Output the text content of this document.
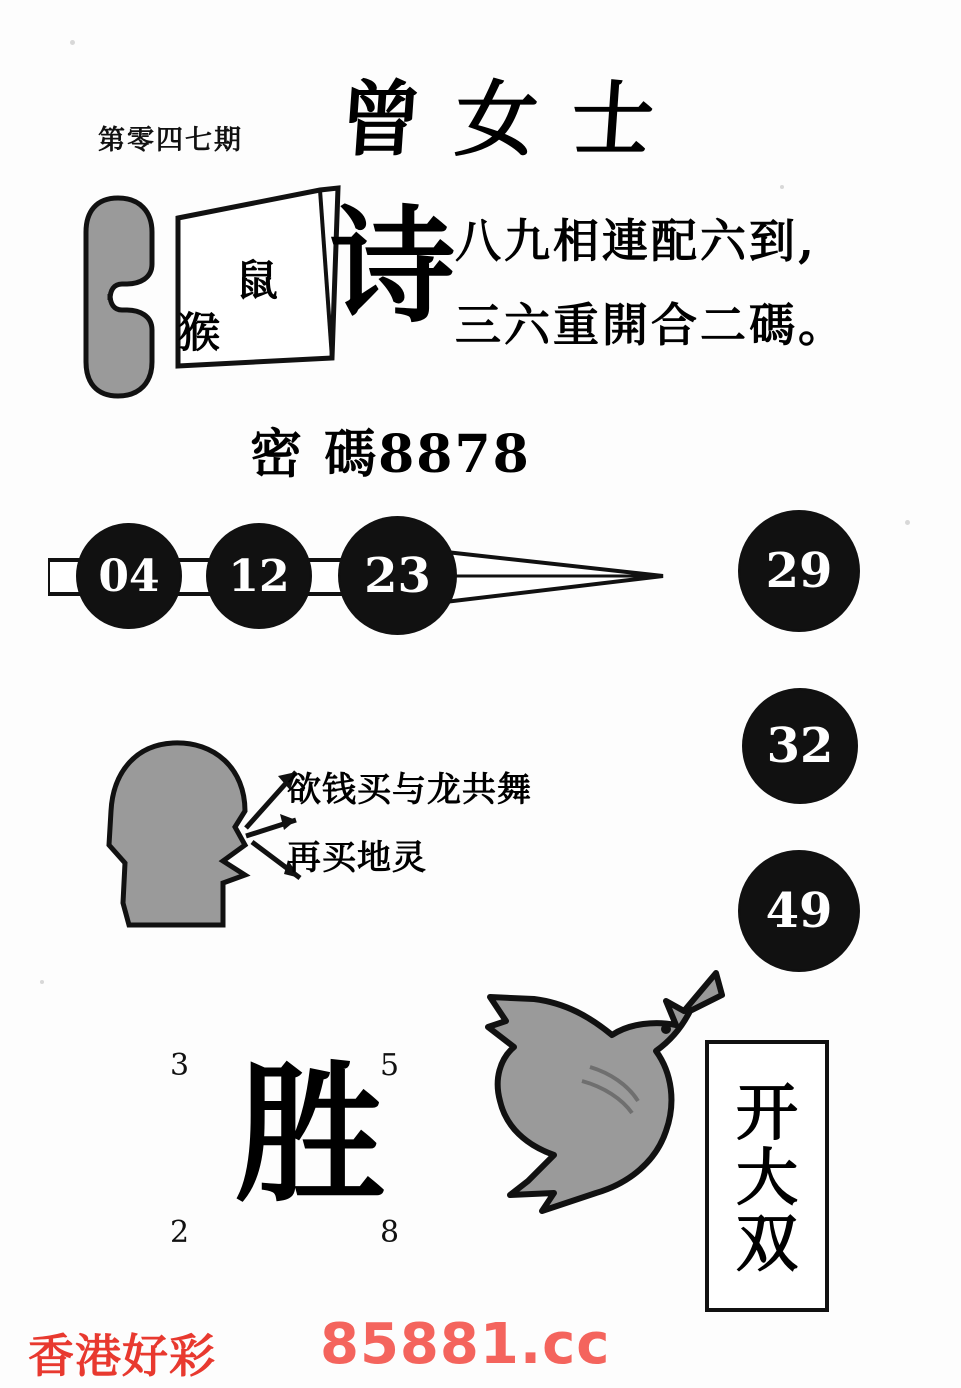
第零四七期 曾女士
鼠
猴 诗 八九相連配六到,
三六重開合二碼。
密 碼8878
04	12	23	29
32
49
欲钱买与龙共舞
再买地灵
3	5
2	8
胜	开
大
双
香港好彩 85881.cc
